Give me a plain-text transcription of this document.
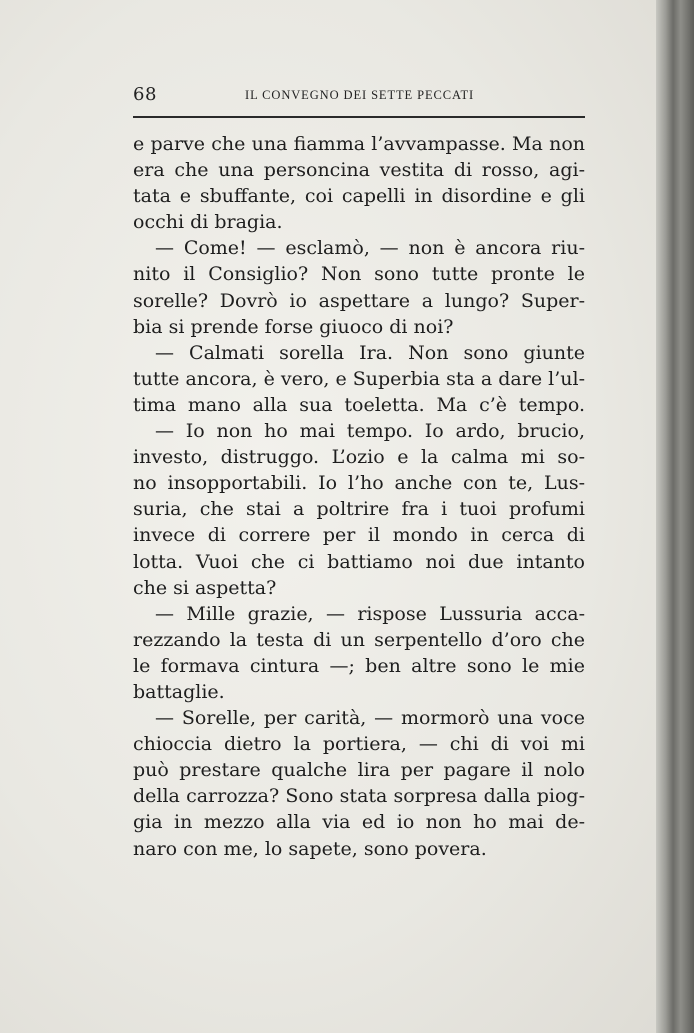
68	IL CONVEGNO DEI SETTE PECCATI
e parve che una fiamma l’avvampasse. Ma non
era che una personcina vestita di rosso, agi-
tata e sbuffante, coi capelli in disordine e gli
occhi di bragia.
— Come! — esclamò, — non è ancora riu-
nito il Consiglio? Non sono tutte pronte le
sorelle? Dovrò io aspettare a lungo? Super-
bia si prende forse giuoco di noi?
— Calmati sorella Ira. Non sono giunte
tutte ancora, è vero, e Superbia sta a dare l’ul-
tima mano alla sua toeletta. Ma c’è tempo.
— Io non ho mai tempo. Io ardo, brucio,
investo, distruggo. L’ozio e la calma mi so-
no insopportabili. Io l’ho anche con te, Lus-
suria, che stai a poltrire fra i tuoi profumi
invece di correre per il mondo in cerca di
lotta. Vuoi che ci battiamo noi due intanto
che si aspetta?
— Mille grazie, — rispose Lussuria acca-
rezzando la testa di un serpentello d’oro che
le formava cintura —; ben altre sono le mie
battaglie.
— Sorelle, per carità, — mormorò una voce
chioccia dietro la portiera, — chi di voi mi
può prestare qualche lira per pagare il nolo
della carrozza? Sono stata sorpresa dalla piog-
gia in mezzo alla via ed io non ho mai de-
naro con me, lo sapete, sono povera.
